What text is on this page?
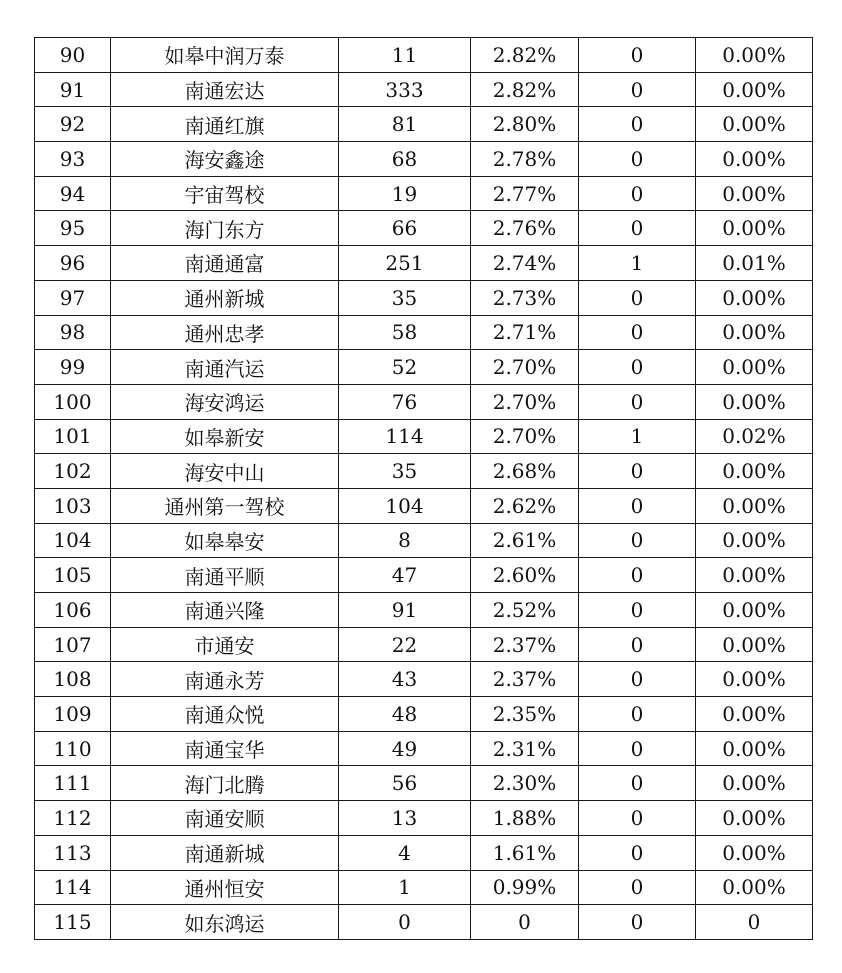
90	如皋中润万泰	11	2.82%	0	0.00%
91	南通宏达	333	2.82%	0	0.00%
92	南通红旗	81	2.80%	0	0.00%
93	海安鑫途	68	2.78%	0	0.00%
94	宇宙驾校	19	2.77%	0	0.00%
95	海门东方	66	2.76%	0	0.00%
96	南通通富	251	2.74%	1	0.01%
97	通州新城	35	2.73%	0	0.00%
98	通州忠孝	58	2.71%	0	0.00%
99	南通汽运	52	2.70%	0	0.00%
100	海安鸿运	76	2.70%	0	0.00%
101	如皋新安	114	2.70%	1	0.02%
102	海安中山	35	2.68%	0	0.00%
103	通州第一驾校	104	2.62%	0	0.00%
104	如皋皋安	8	2.61%	0	0.00%
105	南通平顺	47	2.60%	0	0.00%
106	南通兴隆	91	2.52%	0	0.00%
107	市通安	22	2.37%	0	0.00%
108	南通永芳	43	2.37%	0	0.00%
109	南通众悦	48	2.35%	0	0.00%
110	南通宝华	49	2.31%	0	0.00%
111	海门北腾	56	2.30%	0	0.00%
112	南通安顺	13	1.88%	0	0.00%
113	南通新城	4	1.61%	0	0.00%
114	通州恒安	1	0.99%	0	0.00%
115	如东鸿运	0	0	0	0
